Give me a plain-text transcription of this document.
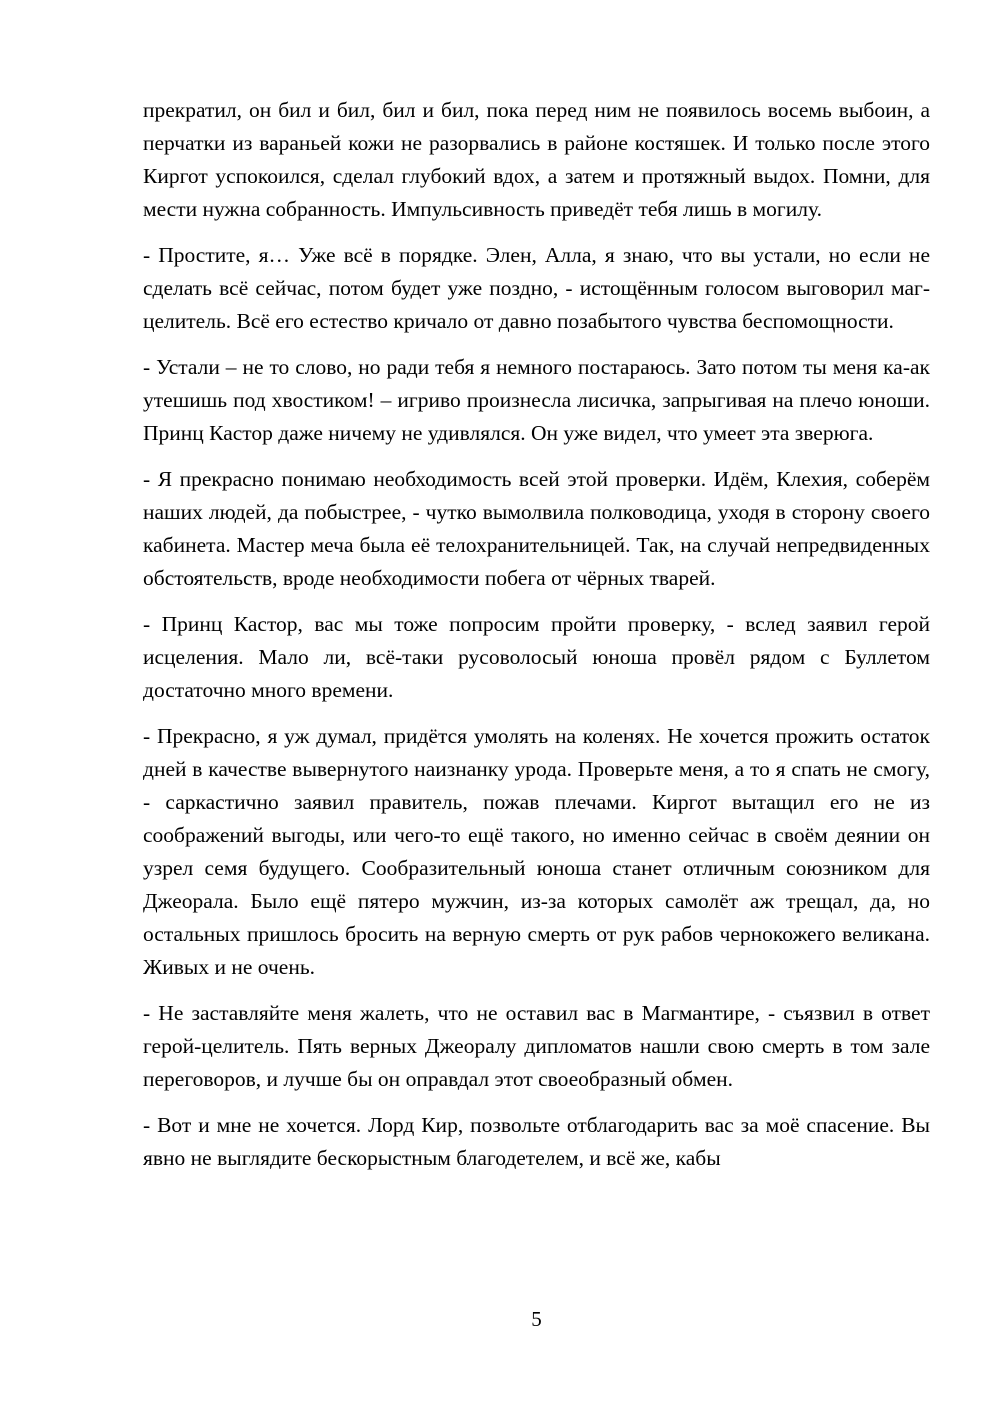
прекратил, он бил и бил, бил и бил, пока перед ним не появилось восемь выбоин, а перчатки из вараньей кожи не разорвались в районе костяшек. И только после этого Киргот успокоился, сделал глубокий вдох, а затем и протяжный выдох. Помни, для мести нужна собранность. Импульсивность приведёт тебя лишь в могилу.

- Простите, я… Уже всё в порядке. Элен, Алла, я знаю, что вы устали, но если не сделать всё сейчас, потом будет уже поздно, - истощённым голосом выговорил маг-целитель. Всё его естество кричало от давно позабытого чувства беспомощности.

- Устали – не то слово, но ради тебя я немного постараюсь. Зато потом ты меня ка-ак утешишь под хвостиком! – игриво произнесла лисичка, запрыгивая на плечо юноши. Принц Кастор даже ничему не удивлялся. Он уже видел, что умеет эта зверюга.

- Я прекрасно понимаю необходимость всей этой проверки. Идём, Клехия, соберём наших людей, да побыстрее, - чутко вымолвила полководица, уходя в сторону своего кабинета. Мастер меча была её телохранительницей. Так, на случай непредвиденных обстоятельств, вроде необходимости побега от чёрных тварей.

- Принц Кастор, вас мы тоже попросим пройти проверку, - вслед заявил герой исцеления. Мало ли, всё-таки русоволосый юноша провёл рядом с Буллетом достаточно много времени.

- Прекрасно, я уж думал, придётся умолять на коленях. Не хочется прожить остаток дней в качестве вывернутого наизнанку урода. Проверьте меня, а то я спать не смогу, - саркастично заявил правитель, пожав плечами. Киргот вытащил его не из соображений выгоды, или чего-то ещё такого, но именно сейчас в своём деянии он узрел семя будущего. Сообразительный юноша станет отличным союзником для Джеорала. Было ещё пятеро мужчин, из-за которых самолёт аж трещал, да, но остальных пришлось бросить на верную смерть от рук рабов чернокожего великана. Живых и не очень.

- Не заставляйте меня жалеть, что не оставил вас в Магмантире, - съязвил в ответ герой-целитель. Пять верных Джеоралу дипломатов нашли свою смерть в том зале переговоров, и лучше бы он оправдал этот своеобразный обмен.

- Вот и мне не хочется. Лорд Кир, позвольте отблагодарить вас за моё спасение. Вы явно не выглядите бескорыстным благодетелем, и всё же, кабы

5
